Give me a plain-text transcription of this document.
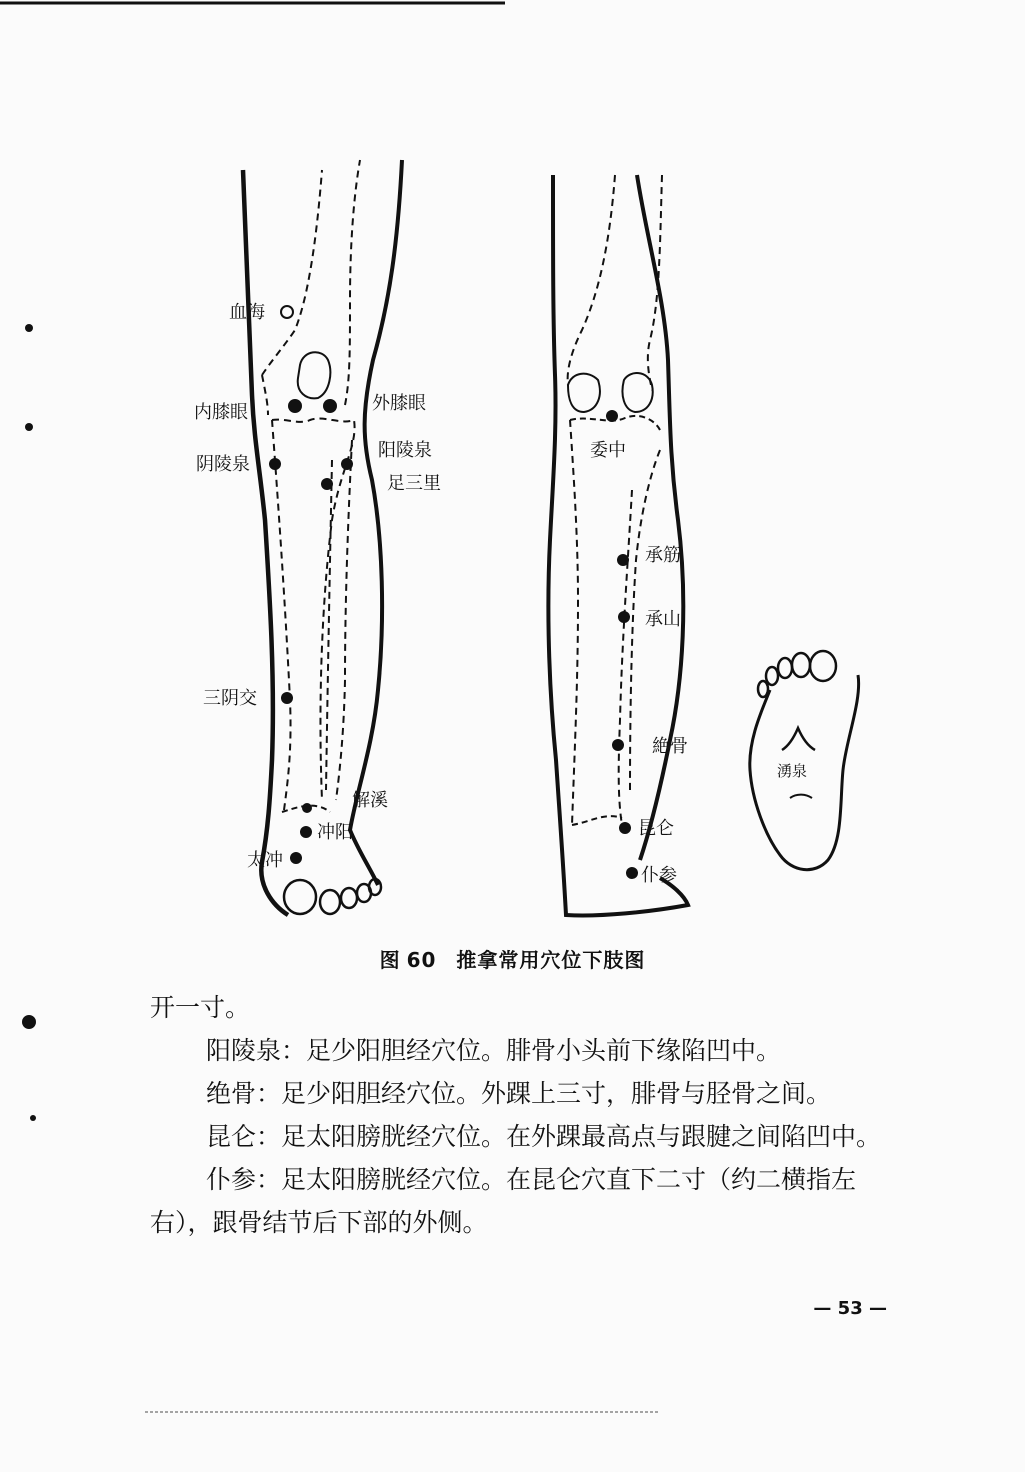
血海
内膝眼	外膝眼
阴陵泉
阳陵泉
足三里
三阴交
解溪
冲阳
太冲
委中
承筋
承山
絶骨
昆仑
仆参
湧泉
图 60 推拿常用穴位下肢图

开一寸。

阳陵泉：足少阳胆经穴位。腓骨小头前下缘陷凹中。

绝骨：足少阳胆经穴位。外踝上三寸，腓骨与胫骨之间。

昆仑：足太阳膀胱经穴位。在外踝最高点与跟腱之间陷凹中。

仆参：足太阳膀胱经穴位。在昆仑穴直下二寸（约二横指左右），跟骨结节后下部的外侧。

— 53 —
